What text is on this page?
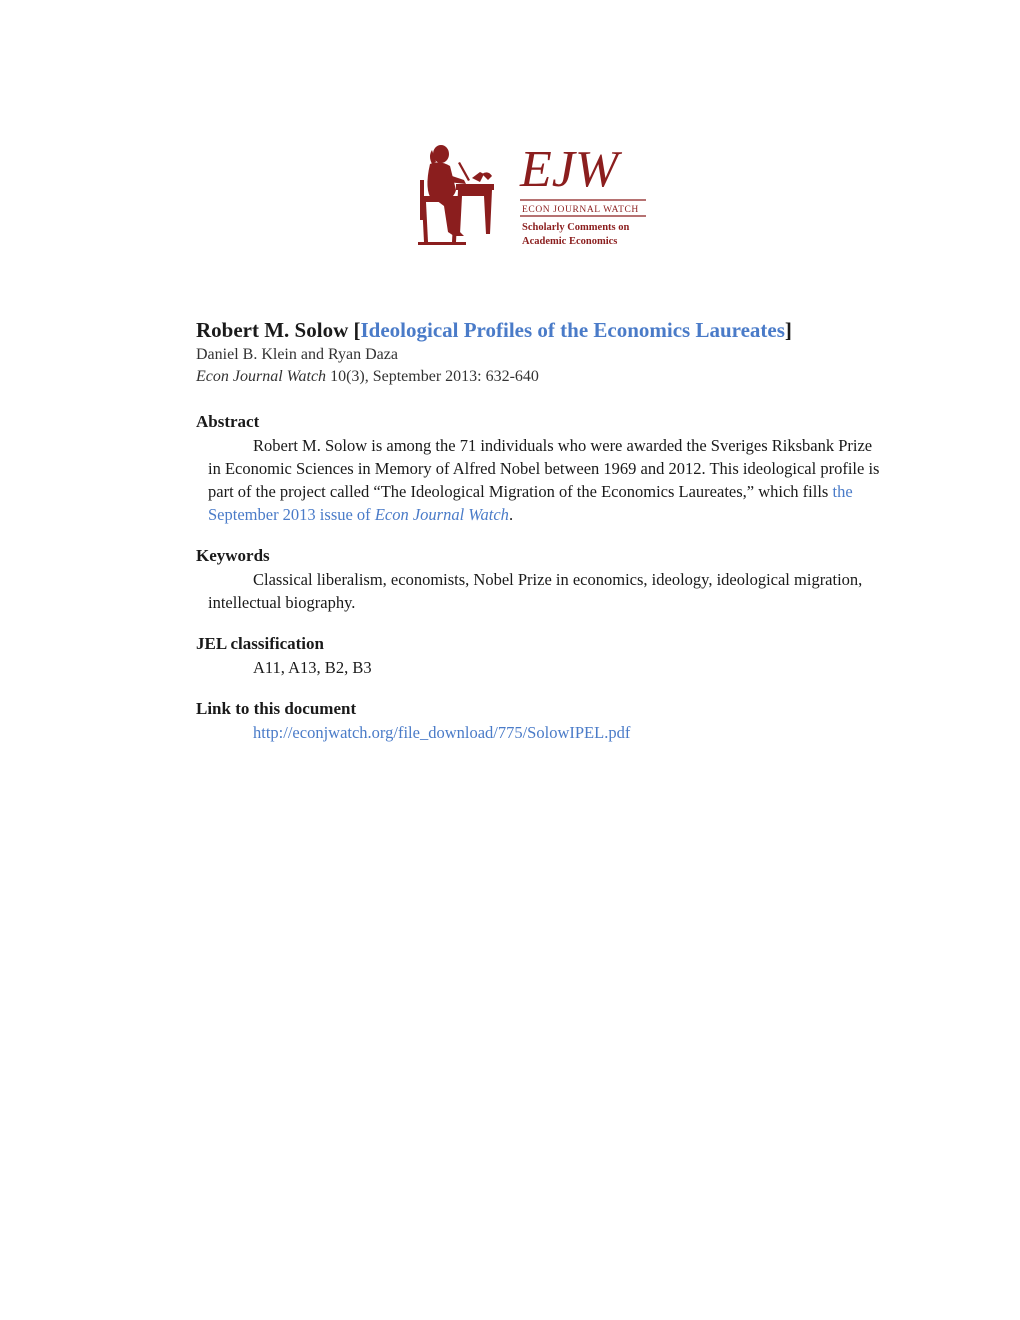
EJW
ECON JOURNAL WATCH
Scholarly Comments on
Academic Economics
Robert M. Solow [Ideological Profiles of the Economics Laureates]
Daniel B. Klein and Ryan Daza
Econ Journal Watch 10(3), September 2013: 632-640
Abstract

Robert M. Solow is among the 71 individuals who were awarded the Sveriges Riksbank Prize in Economic Sciences in Memory of Alfred Nobel between 1969 and 2012. This ideological profile is part of the project called “The Ideological Migration of the Economics Laureates,” which fills the September 2013 issue of Econ Journal Watch.

Keywords

Classical liberalism, economists, Nobel Prize in economics, ideology, ideological migration, intellectual biography.

JEL classification
A11, A13, B2, B3
Link to this document
http://econjwatch.org/file_download/775/SolowIPEL.pdf
